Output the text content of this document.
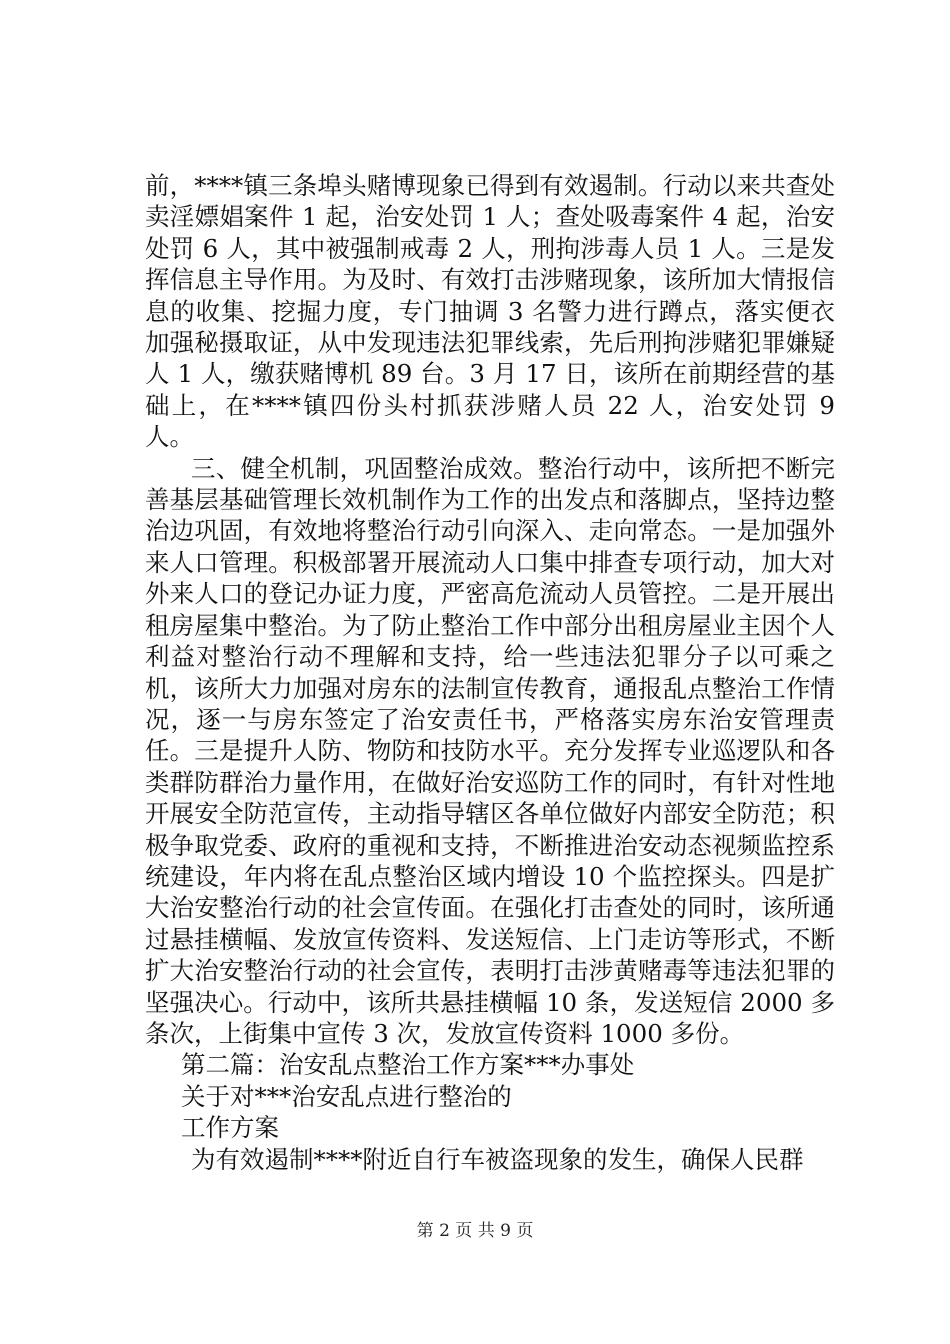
前，****镇三条埠头赌博现象已得到有效遏制。行动以来共查处卖淫嫖娼案件 1 起，治安处罚 1 人；查处吸毒案件 4 起，治安处罚 6 人，其中被强制戒毒 2 人，刑拘涉毒人员 1 人。三是发挥信息主导作用。为及时、有效打击涉赌现象，该所加大情报信息的收集、挖掘力度，专门抽调 3 名警力进行蹲点，落实便衣加强秘摄取证，从中发现违法犯罪线索，先后刑拘涉赌犯罪嫌疑人 1 人，缴获赌博机 89 台。3 月 17 日，该所在前期经营的基础上，在****镇四份头村抓获涉赌人员 22 人，治安处罚 9 人。

三、健全机制，巩固整治成效。整治行动中，该所把不断完善基层基础管理长效机制作为工作的出发点和落脚点，坚持边整治边巩固，有效地将整治行动引向深入、走向常态。一是加强外来人口管理。积极部署开展流动人口集中排查专项行动，加大对外来人口的登记办证力度，严密高危流动人员管控。二是开展出租房屋集中整治。为了防止整治工作中部分出租房屋业主因个人利益对整治行动不理解和支持，给一些违法犯罪分子以可乘之机，该所大力加强对房东的法制宣传教育，通报乱点整治工作情况，逐一与房东签定了治安责任书，严格落实房东治安管理责任。三是提升人防、物防和技防水平。充分发挥专业巡逻队和各类群防群治力量作用，在做好治安巡防工作的同时，有针对性地开展安全防范宣传，主动指导辖区各单位做好内部安全防范；积极争取党委、政府的重视和支持，不断推进治安动态视频监控系统建设，年内将在乱点整治区域内增设 10 个监控探头。四是扩大治安整治行动的社会宣传面。在强化打击查处的同时，该所通过悬挂横幅、发放宣传资料、发送短信、上门走访等形式，不断扩大治安整治行动的社会宣传，表明打击涉黄赌毒等违法犯罪的坚强决心。行动中，该所共悬挂横幅 10 条，发送短信 2000 多条次，上街集中宣传 3 次，发放宣传资料 1000 多份。

第二篇：治安乱点整治工作方案***办事处

关于对***治安乱点进行整治的

工作方案

为有效遏制****附近自行车被盗现象的发生，确保人民群

第 2 页 共 9 页
